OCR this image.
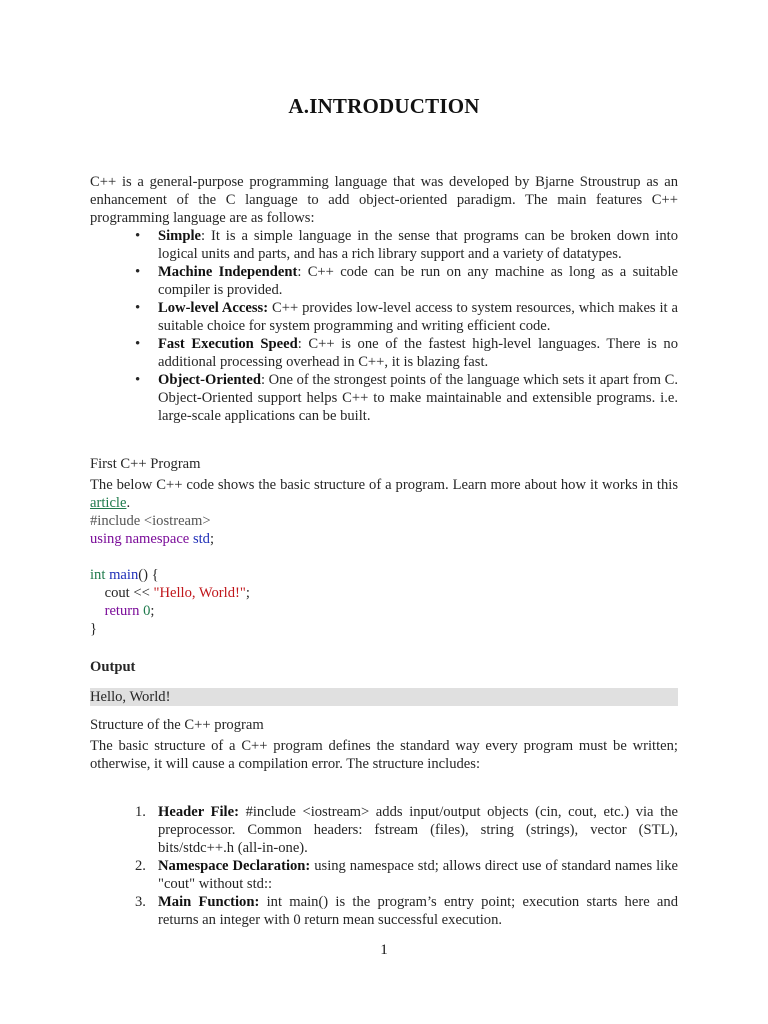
A.INTRODUCTION

C++ is a general-purpose programming language that was developed by Bjarne Stroustrup as an enhancement of the C language to add object-oriented paradigm. The main features C++ programming language are as follows:

• Simple: It is a simple language in the sense that programs can be broken down into logical units and parts, and has a rich library support and a variety of datatypes.
• Machine Independent: C++ code can be run on any machine as long as a suitable compiler is provided.
• Low-level Access: C++ provides low-level access to system resources, which makes it a suitable choice for system programming and writing efficient code.
• Fast Execution Speed: C++ is one of the fastest high-level languages. There is no additional processing overhead in C++, it is blazing fast.
• Object-Oriented: One of the strongest points of the language which sets it apart from C. Object-Oriented support helps C++ to make maintainable and extensible programs. i.e. large-scale applications can be built.
First C++ Program
The below C++ code shows the basic structure of a program. Learn more about how it works in this article.
#include <iostream>
using namespace std;
int main() {
cout << "Hello, World!";
return 0;
}
Output
Hello, World!
Structure of the C++ program
The basic structure of a C++ program defines the standard way every program must be written; otherwise, it will cause a compilation error. The structure includes:
1. Header File: #include <iostream> adds input/output objects (cin, cout, etc.) via the preprocessor. Common headers: fstream (files), string (strings), vector (STL), bits/stdc++.h (all-in-one).
2. Namespace Declaration: using namespace std; allows direct use of standard names like "cout" without std::
3. Main Function: int main() is the program’s entry point; execution starts here and returns an integer with 0 return mean successful execution.
1
